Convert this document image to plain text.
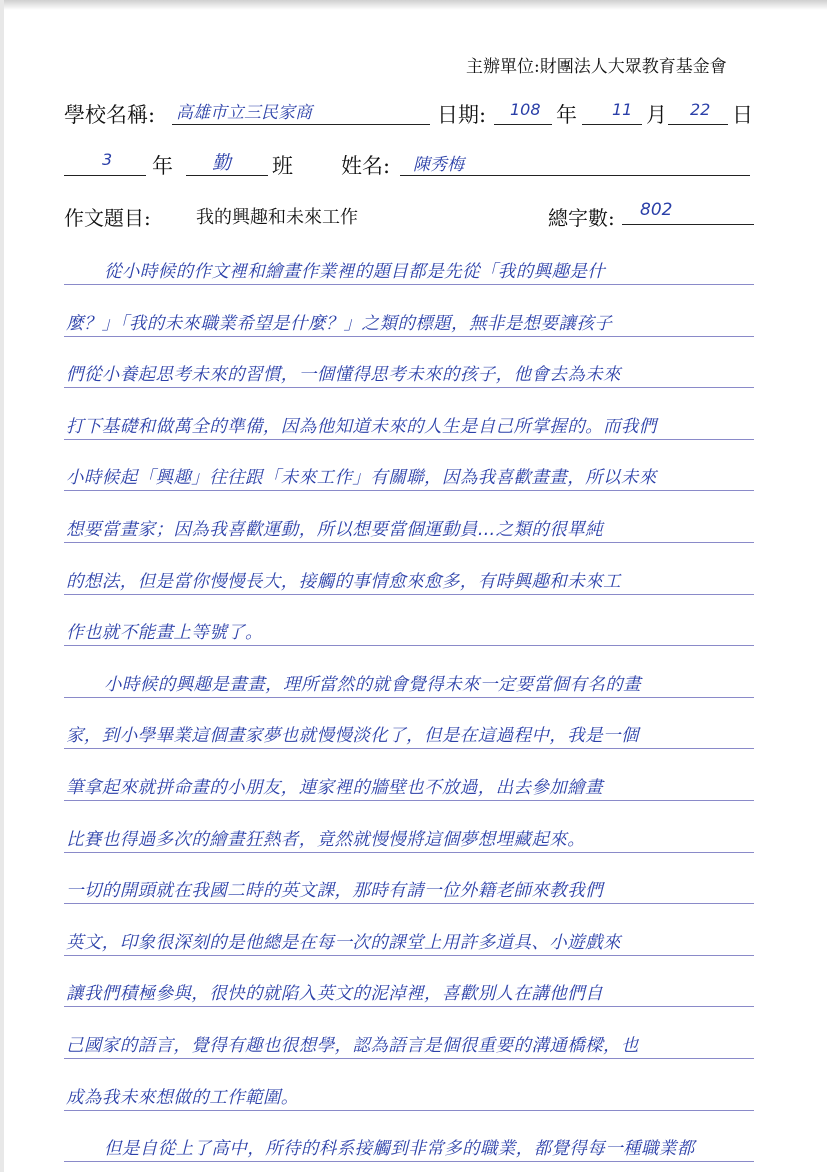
主辦單位:財團法人大眾教育基金會
學校名稱: 高雄市立三民家商	日期: 108 年 11 月 22 日
3 年 勤 班 姓名: 陳秀梅
作文題目:	我的興趣和未來工作	總字數: 802
從小時候的作文裡和繪畫作業裡的題目都是先從「我的興趣是什
麼？」「我的未來職業希望是什麼？」之類的標題，無非是想要讓孩子
們從小養起思考未來的習慣，一個懂得思考未來的孩子，他會去為未來
打下基礎和做萬全的準備，因為他知道未來的人生是自己所掌握的。而我們
小時候起「興趣」往往跟「未來工作」有關聯，因為我喜歡畫畫，所以未來
想要當畫家；因為我喜歡運動，所以想要當個運動員…之類的很單純
的想法，但是當你慢慢長大，接觸的事情愈來愈多，有時興趣和未來工
作也就不能畫上等號了。
小時候的興趣是畫畫，理所當然的就會覺得未來一定要當個有名的畫
家，到小學畢業這個畫家夢也就慢慢淡化了，但是在這過程中，我是一個
筆拿起來就拼命畫的小朋友，連家裡的牆壁也不放過，出去參加繪畫
比賽也得過多次的繪畫狂熱者，竟然就慢慢將這個夢想埋藏起來。
一切的開頭就在我國二時的英文課，那時有請一位外籍老師來教我們
英文，印象很深刻的是他總是在每一次的課堂上用許多道具、小遊戲來
讓我們積極參與，很快的就陷入英文的泥淖裡，喜歡別人在講他們自
己國家的語言，覺得有趣也很想學，認為語言是個很重要的溝通橋樑，也
成為我未來想做的工作範圍。
但是自從上了高中，所待的科系接觸到非常多的職業，都覺得每一種職業都
